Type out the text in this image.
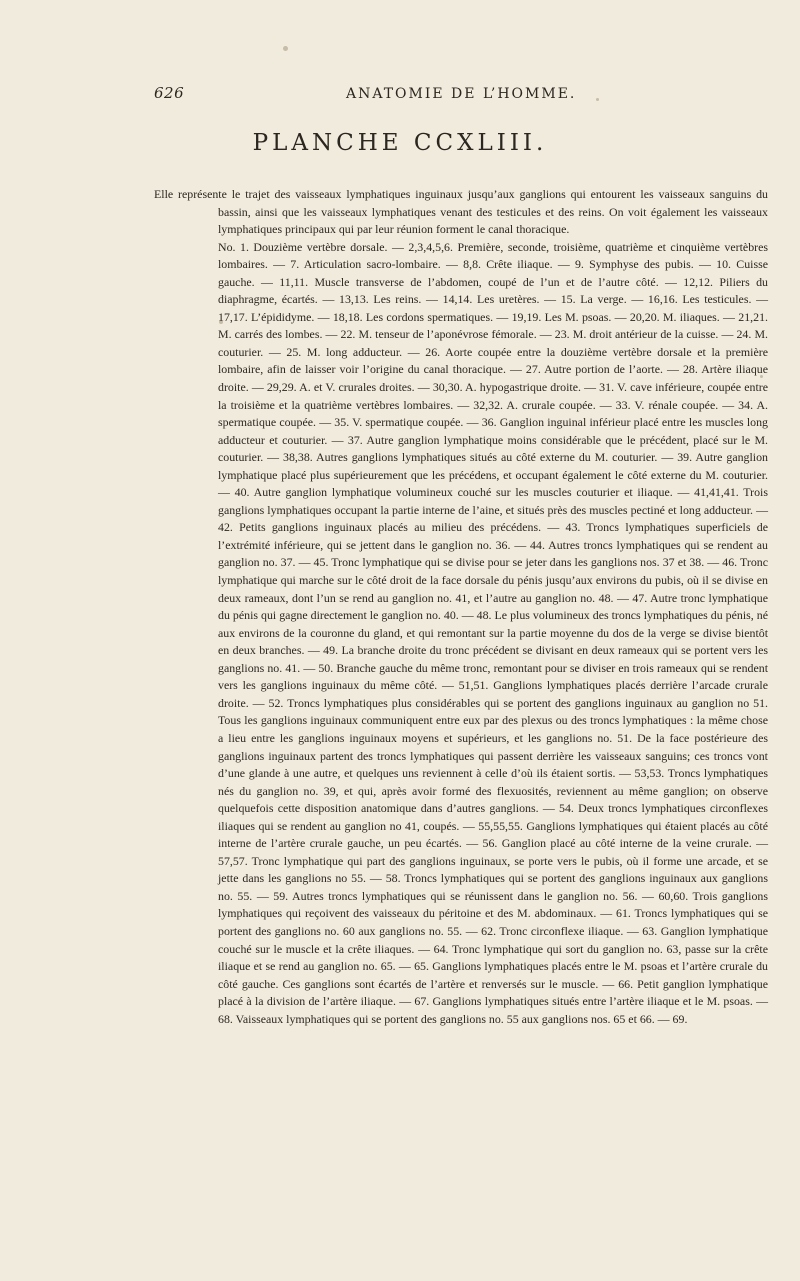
626	ANATOMIE DE L’HOMME.
PLANCHE CCXLIII.

Elle représente le trajet des vaisseaux lymphatiques inguinaux jusqu’aux ganglions qui entourent les vaisseaux sanguins du bassin, ainsi que les vaisseaux lymphatiques venant des testicules et des reins. On voit également les vaisseaux lymphatiques principaux qui par leur réunion forment le canal thoracique.

No. 1. Douzième vertèbre dorsale. — 2,3,4,5,6. Première, seconde, troisième, quatrième et cinquième vertèbres lombaires. — 7. Articulation sacro-lombaire. — 8,8. Crête iliaque. — 9. Symphyse des pubis. — 10. Cuisse gauche. — 11,11. Muscle transverse de l’abdomen, coupé de l’un et de l’autre côté. — 12,12. Piliers du diaphragme, écartés. — 13,13. Les reins. — 14,14. Les uretères. — 15. La verge. — 16,16. Les testicules. — 17,17. L’épididyme. — 18,18. Les cordons spermatiques. — 19,19. Les M. psoas. — 20,20. M. iliaques. — 21,21. M. carrés des lombes. — 22. M. tenseur de l’aponévrose fémorale. — 23. M. droit antérieur de la cuisse. — 24. M. couturier. — 25. M. long adducteur. — 26. Aorte coupée entre la douzième vertèbre dorsale et la première lombaire, afin de laisser voir l’origine du canal thoracique. — 27. Autre portion de l’aorte. — 28. Artère iliaque droite. — 29,29. A. et V. crurales droites. — 30,30. A. hypogastrique droite. — 31. V. cave inférieure, coupée entre la troisième et la quatrième vertèbres lombaires. — 32,32. A. crurale coupée. — 33. V. rénale coupée. — 34. A. spermatique coupée. — 35. V. spermatique coupée. — 36. Ganglion inguinal inférieur placé entre les muscles long adducteur et couturier. — 37. Autre ganglion lymphatique moins considérable que le précédent, placé sur le M. couturier. — 38,38. Autres ganglions lymphatiques situés au côté externe du M. couturier. — 39. Autre ganglion lymphatique placé plus supérieurement que les précédens, et occupant également le côté externe du M. couturier. — 40. Autre ganglion lymphatique volumineux couché sur les muscles couturier et iliaque. — 41,41,41. Trois ganglions lymphatiques occupant la partie interne de l’aine, et situés près des muscles pectiné et long adducteur. — 42. Petits ganglions inguinaux placés au milieu des précédens. — 43. Troncs lymphatiques superficiels de l’extrémité inférieure, qui se jettent dans le ganglion no. 36. — 44. Autres troncs lymphatiques qui se rendent au ganglion no. 37. — 45. Tronc lymphatique qui se divise pour se jeter dans les ganglions nos. 37 et 38. — 46. Tronc lymphatique qui marche sur le côté droit de la face dorsale du pénis jusqu’aux environs du pubis, où il se divise en deux rameaux, dont l’un se rend au ganglion no. 41, et l’autre au ganglion no. 48. — 47. Autre tronc lymphatique du pénis qui gagne directement le ganglion no. 40. — 48. Le plus volumineux des troncs lymphatiques du pénis, né aux environs de la couronne du gland, et qui remontant sur la partie moyenne du dos de la verge se divise bientôt en deux branches. — 49. La branche droite du tronc précédent se divisant en deux rameaux qui se portent vers les ganglions no. 41. — 50. Branche gauche du même tronc, remontant pour se diviser en trois rameaux qui se rendent vers les ganglions inguinaux du même côté. — 51,51. Ganglions lymphatiques placés derrière l’arcade crurale droite. — 52. Troncs lymphatiques plus considérables qui se portent des ganglions inguinaux au ganglion no 51. Tous les ganglions inguinaux communiquent entre eux par des plexus ou des troncs lymphatiques : la même chose a lieu entre les ganglions inguinaux moyens et supérieurs, et les ganglions no. 51. De la face postérieure des ganglions inguinaux partent des troncs lymphatiques qui passent derrière les vaisseaux sanguins; ces troncs vont d’une glande à une autre, et quelques uns reviennent à celle d’où ils étaient sortis. — 53,53. Troncs lymphatiques nés du ganglion no. 39, et qui, après avoir formé des flexuosités, reviennent au même ganglion; on observe quelquefois cette disposition anatomique dans d’autres ganglions. — 54. Deux troncs lymphatiques circonflexes iliaques qui se rendent au ganglion no 41, coupés. — 55,55,55. Ganglions lymphatiques qui étaient placés au côté interne de l’artère crurale gauche, un peu écartés. — 56. Ganglion placé au côté interne de la veine crurale. — 57,57. Tronc lymphatique qui part des ganglions inguinaux, se porte vers le pubis, où il forme une arcade, et se jette dans les ganglions no 55. — 58. Troncs lymphatiques qui se portent des ganglions inguinaux aux ganglions no. 55. — 59. Autres troncs lymphatiques qui se réunissent dans le ganglion no. 56. — 60,60. Trois ganglions lymphatiques qui reçoivent des vaisseaux du péritoine et des M. abdominaux. — 61. Troncs lymphatiques qui se portent des ganglions no. 60 aux ganglions no. 55. — 62. Tronc circonflexe iliaque. — 63. Ganglion lymphatique couché sur le muscle et la crête iliaques. — 64. Tronc lymphatique qui sort du ganglion no. 63, passe sur la crête iliaque et se rend au ganglion no. 65. — 65. Ganglions lymphatiques placés entre le M. psoas et l’artère crurale du côté gauche. Ces ganglions sont écartés de l’artère et renversés sur le muscle. — 66. Petit ganglion lymphatique placé à la division de l’artère iliaque. — 67. Ganglions lymphatiques situés entre l’artère iliaque et le M. psoas. — 68. Vaisseaux lymphatiques qui se portent des ganglions no. 55 aux ganglions nos. 65 et 66. — 69.
